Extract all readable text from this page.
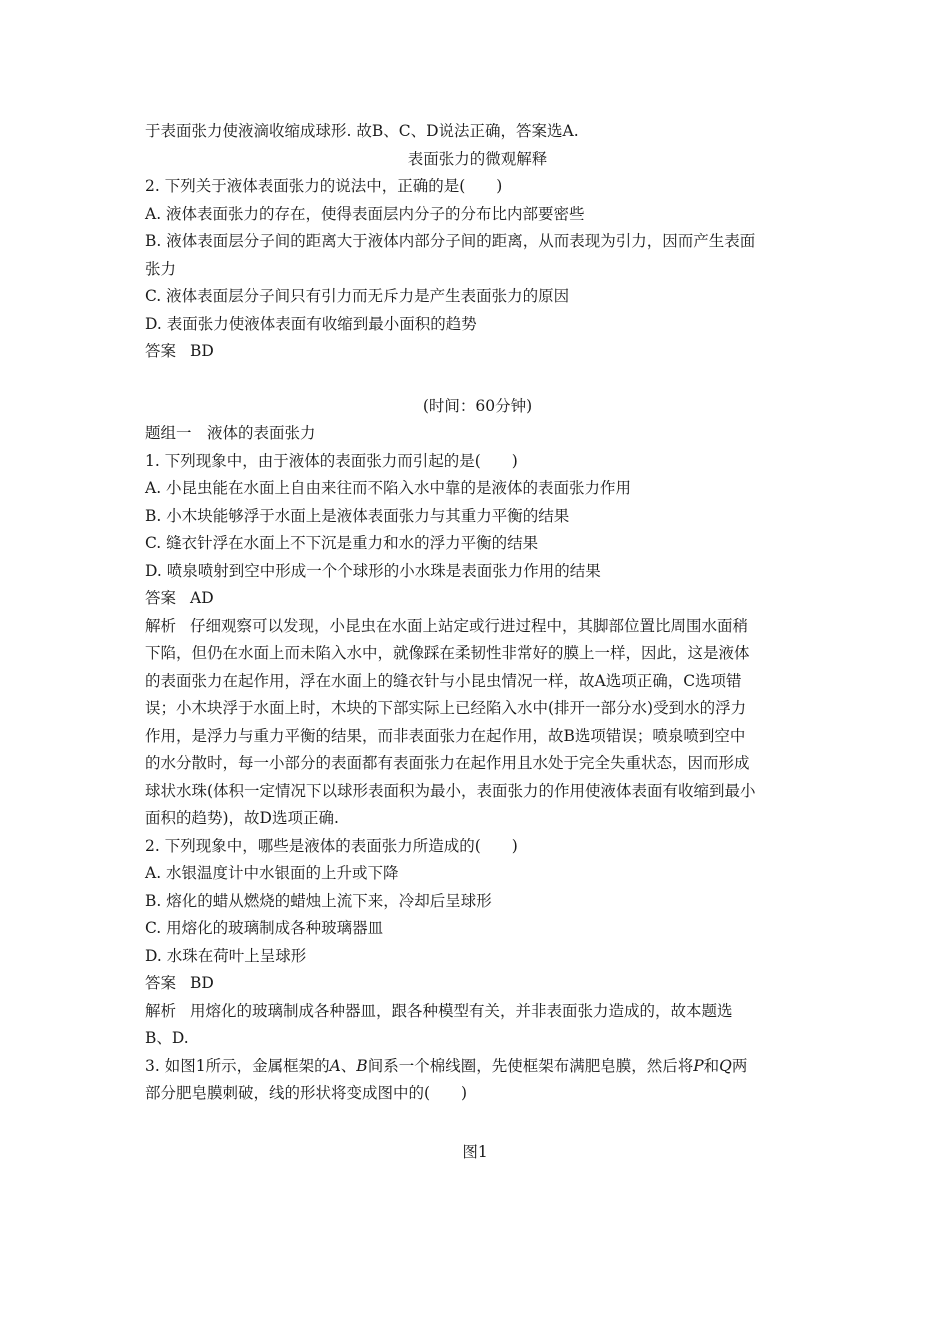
于表面张力使液滴收缩成球形. 故B、C、D说法正确，答案选A.
表面张力的微观解释
2. 下列关于液体表面张力的说法中，正确的是(　　)
A. 液体表面张力的存在，使得表面层内分子的分布比内部要密些
B. 液体表面层分子间的距离大于液体内部分子间的距离，从而表现为引力，因而产生表面
张力
C. 液体表面层分子间只有引力而无斥力是产生表面张力的原因
D. 表面张力使液体表面有收缩到最小面积的趋势
答案 BD
(时间：60分钟)
题组一　液体的表面张力
1. 下列现象中，由于液体的表面张力而引起的是(　　)
A. 小昆虫能在水面上自由来往而不陷入水中靠的是液体的表面张力作用
B. 小木块能够浮于水面上是液体表面张力与其重力平衡的结果
C. 缝衣针浮在水面上不下沉是重力和水的浮力平衡的结果
D. 喷泉喷射到空中形成一个个球形的小水珠是表面张力作用的结果
答案 AD
解析 仔细观察可以发现，小昆虫在水面上站定或行进过程中，其脚部位置比周围水面稍
下陷，但仍在水面上而未陷入水中，就像踩在柔韧性非常好的膜上一样，因此，这是液体
的表面张力在起作用，浮在水面上的缝衣针与小昆虫情况一样，故A选项正确，C选项错
误；小木块浮于水面上时，木块的下部实际上已经陷入水中(排开一部分水)受到水的浮力
作用，是浮力与重力平衡的结果，而非表面张力在起作用，故B选项错误；喷泉喷到空中
的水分散时，每一小部分的表面都有表面张力在起作用且水处于完全失重状态，因而形成
球状水珠(体积一定情况下以球形表面积为最小，表面张力的作用使液体表面有收缩到最小
面积的趋势)，故D选项正确.
2. 下列现象中，哪些是液体的表面张力所造成的(　　)
A. 水银温度计中水银面的上升或下降
B. 熔化的蜡从燃烧的蜡烛上流下来，冷却后呈球形
C. 用熔化的玻璃制成各种玻璃器皿
D. 水珠在荷叶上呈球形
答案 BD
解析 用熔化的玻璃制成各种器皿，跟各种模型有关，并非表面张力造成的，故本题选
B、D.
3. 如图1所示，金属框架的A、B间系一个棉线圈，先使框架布满肥皂膜，然后将P和Q两
部分肥皂膜刺破，线的形状将变成图中的(　　)
图1
